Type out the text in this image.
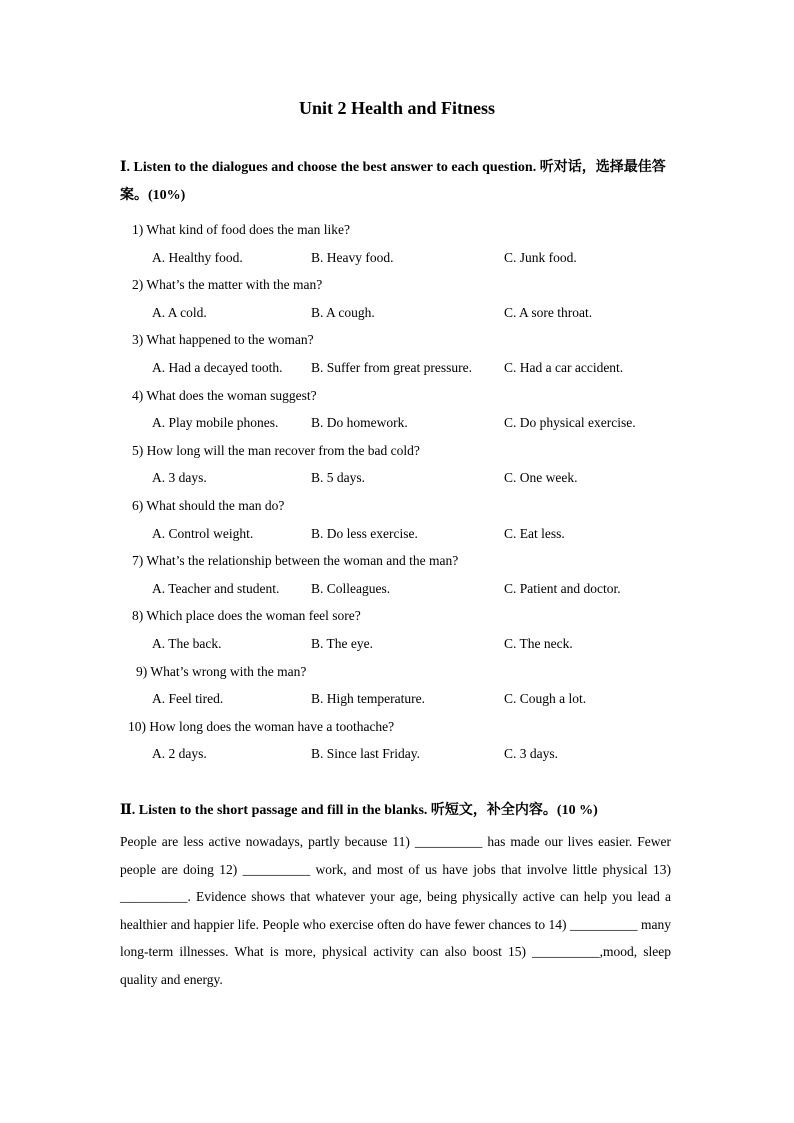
Unit 2 Health and Fitness
Ⅰ. Listen to the dialogues and choose the best answer to each question. 听对话，选择最佳答案。(10%)
1) What kind of food does the man like?
A. Healthy food.	B. Heavy food.	C. Junk food.
2) What’s the matter with the man?
A. A cold.	B. A cough.	C. A sore throat.
3) What happened to the woman?
A. Had a decayed tooth. B. Suffer from great pressure. C. Had a car accident.
4) What does the woman suggest?
A. Play mobile phones. B. Do homework.	C. Do physical exercise.
5) How long will the man recover from the bad cold?
A. 3 days.	B. 5 days.	C. One week.
6) What should the man do?
A. Control weight.	B. Do less exercise.	C. Eat less.
7) What’s the relationship between the woman and the man?
A. Teacher and student. B. Colleagues.	C. Patient and doctor.
8) Which place does the woman feel sore?
A. The back.	B. The eye.	C. The neck.
9) What’s wrong with the man?
A. Feel tired.	B. High temperature.	C. Cough a lot.
10) How long does the woman have a toothache?
A. 2 days.	B. Since last Friday.	C. 3 days.
Ⅱ. Listen to the short passage and fill in the blanks. 听短文，补全内容。(10 %)
People are less active nowadays, partly because 11) __________ has made our lives easier. Fewer people are doing 12) __________ work, and most of us have jobs that involve little physical 13) __________. Evidence shows that whatever your age, being physically active can help you lead a healthier and happier life. People who exercise often do have fewer chances to 14) __________ many long-term illnesses. What is more, physical activity can also boost 15) __________,mood, sleep quality and energy.
